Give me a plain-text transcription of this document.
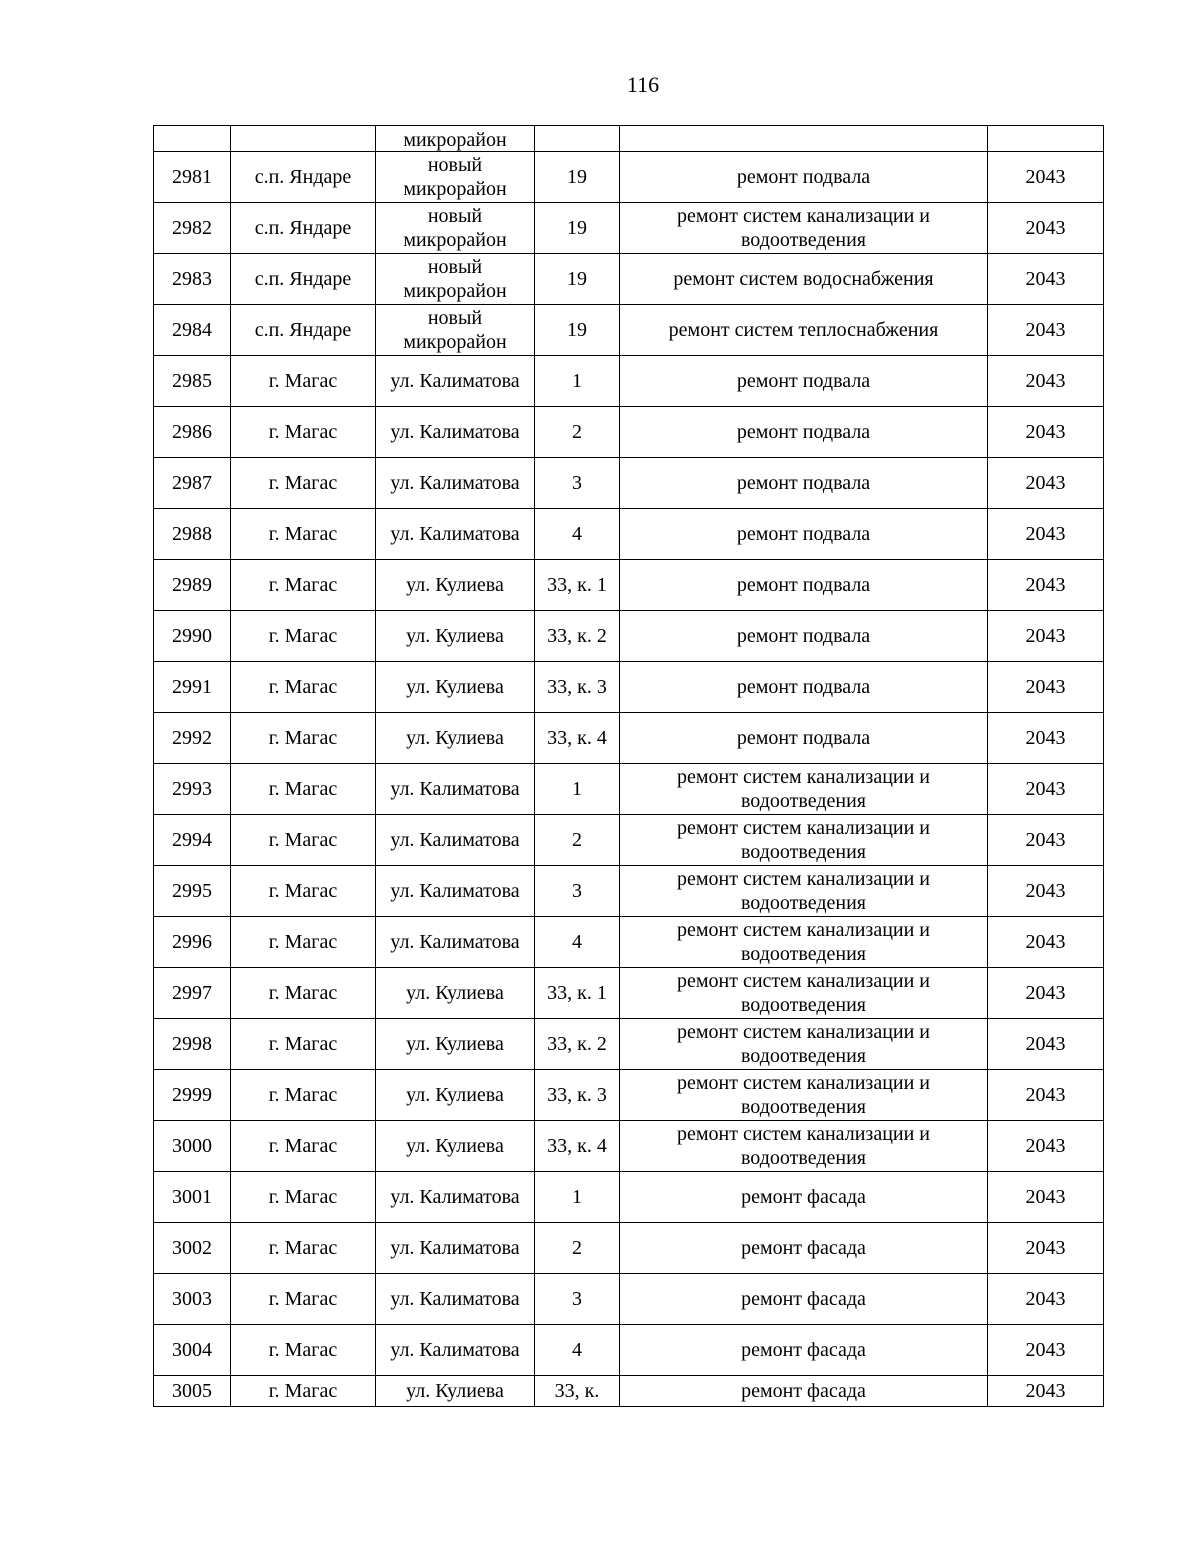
116
		микрорайон			
2981	с.п. Яндаре	новый микрорайон	19	ремонт подвала	2043
2982	с.п. Яндаре	новый микрорайон	19	ремонт систем канализации и водоотведения	2043
2983	с.п. Яндаре	новый микрорайон	19	ремонт систем водоснабжения	2043
2984	с.п. Яндаре	новый микрорайон	19	ремонт систем теплоснабжения	2043
2985	г. Магас	ул. Калиматова	1	ремонт подвала	2043
2986	г. Магас	ул. Калиматова	2	ремонт подвала	2043
2987	г. Магас	ул. Калиматова	3	ремонт подвала	2043
2988	г. Магас	ул. Калиматова	4	ремонт подвала	2043
2989	г. Магас	ул. Кулиева	33, к. 1	ремонт подвала	2043
2990	г. Магас	ул. Кулиева	33, к. 2	ремонт подвала	2043
2991	г. Магас	ул. Кулиева	33, к. 3	ремонт подвала	2043
2992	г. Магас	ул. Кулиева	33, к. 4	ремонт подвала	2043
2993	г. Магас	ул. Калиматова	1	ремонт систем канализации и водоотведения	2043
2994	г. Магас	ул. Калиматова	2	ремонт систем канализации и водоотведения	2043
2995	г. Магас	ул. Калиматова	3	ремонт систем канализации и водоотведения	2043
2996	г. Магас	ул. Калиматова	4	ремонт систем канализации и водоотведения	2043
2997	г. Магас	ул. Кулиева	33, к. 1	ремонт систем канализации и водоотведения	2043
2998	г. Магас	ул. Кулиева	33, к. 2	ремонт систем канализации и водоотведения	2043
2999	г. Магас	ул. Кулиева	33, к. 3	ремонт систем канализации и водоотведения	2043
3000	г. Магас	ул. Кулиева	33, к. 4	ремонт систем канализации и водоотведения	2043
3001	г. Магас	ул. Калиматова	1	ремонт фасада	2043
3002	г. Магас	ул. Калиматова	2	ремонт фасада	2043
3003	г. Магас	ул. Калиматова	3	ремонт фасада	2043
3004	г. Магас	ул. Калиматова	4	ремонт фасада	2043
3005	г. Магас	ул. Кулиева	33, к.	ремонт фасада	2043
